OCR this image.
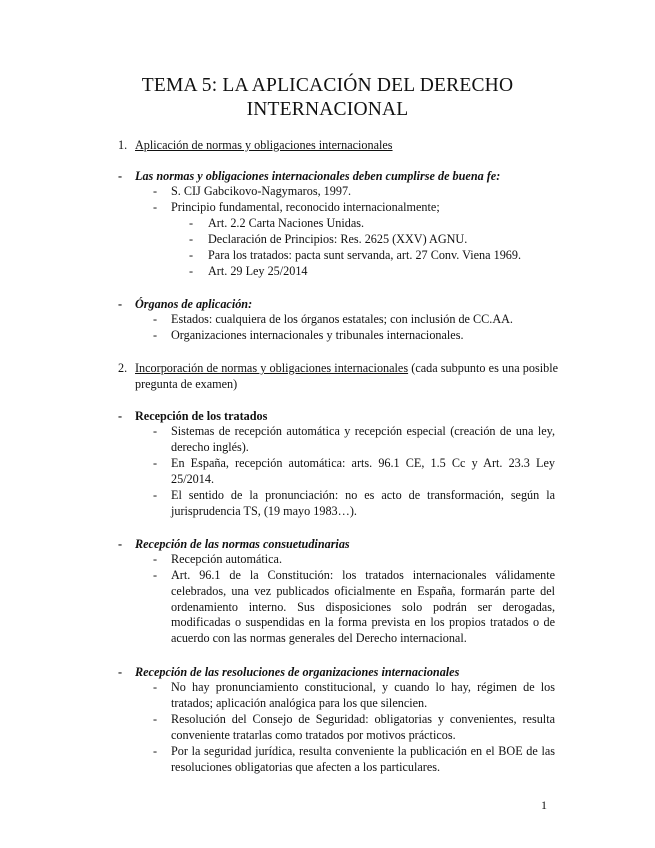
TEMA 5: LA APLICACIÓN DEL DERECHO
INTERNACIONAL
1. Aplicación de normas y obligaciones internacionales
- Las normas y obligaciones internacionales deben cumplirse de buena fe:
- S. CIJ Gabcikovo-Nagymaros, 1997.
- Principio fundamental, reconocido internacionalmente;
- Art. 2.2 Carta Naciones Unidas.
- Declaración de Principios: Res. 2625 (XXV) AGNU.
- Para los tratados: pacta sunt servanda, art. 27 Conv. Viena 1969.
- Art. 29 Ley 25/2014
- Órganos de aplicación:
- Estados: cualquiera de los órganos estatales; con inclusión de CC.AA.
- Organizaciones internacionales y tribunales internacionales.
2. Incorporación de normas y obligaciones internacionales (cada subpunto es una posible pregunta de examen)
- Recepción de los tratados
- Sistemas de recepción automática y recepción especial (creación de una ley, derecho inglés).
- En España, recepción automática: arts. 96.1 CE, 1.5 Cc y Art. 23.3 Ley 25/2014.
- El sentido de la pronunciación: no es acto de transformación, según la jurisprudencia TS, (19 mayo 1983…).
- Recepción de las normas consuetudinarias
- Recepción automática.
- Art. 96.1 de la Constitución: los tratados internacionales válidamente celebrados, una vez publicados oficialmente en España, formarán parte del ordenamiento interno. Sus disposiciones solo podrán ser derogadas, modificadas o suspendidas en la forma prevista en los propios tratados o de acuerdo con las normas generales del Derecho internacional.
- Recepción de las resoluciones de organizaciones internacionales
- No hay pronunciamiento constitucional, y cuando lo hay, régimen de los tratados; aplicación analógica para los que silencien.
- Resolución del Consejo de Seguridad: obligatorias y convenientes, resulta conveniente tratarlas como tratados por motivos prácticos.
- Por la seguridad jurídica, resulta conveniente la publicación en el BOE de las resoluciones obligatorias que afecten a los particulares.
1
